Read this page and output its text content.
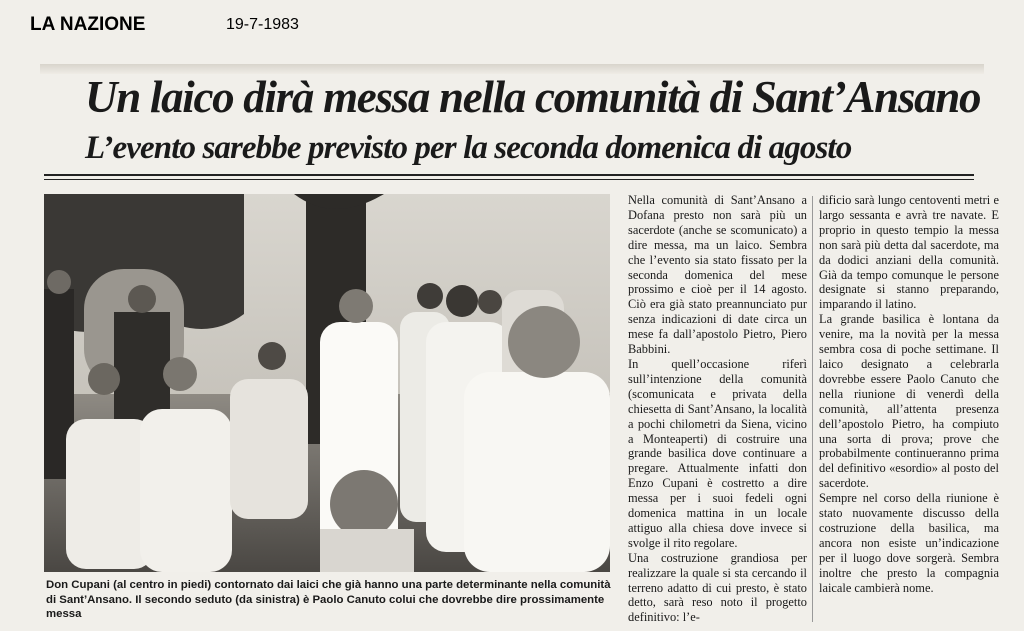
LA NAZIONE	19-7-1983
Un laico dirà messa nella comunità di Sant’Ansano
L’evento sarebbe previsto per la seconda domenica di agosto

Don Cupani (al centro in piedi) contornato dai laici che già hanno una parte determinante nella comunità di Sant’Ansano. Il secondo seduto (da sinistra) è Paolo Canuto colui che dovrebbe dire prossimamente messa

Nella comunità di Sant’Ansano a Dofana presto non sarà più un sacerdote (anche se scomunicato) a dire messa, ma un laico. Sembra che l’evento sia stato fissato per la seconda domenica del mese prossimo e cioè per il 14 agosto. Ciò era già stato preannunciato pur senza indicazioni di date circa un mese fa dall’apostolo Pietro, Piero Babbini.

In quell’occasione riferì sull’intenzione della comunità (scomunicata e privata della chiesetta di Sant’Ansano, la località a pochi chilometri da Siena, vicino a Monteaperti) di costruire una grande basilica dove continuare a pregare. Attualmente infatti don Enzo Cupani è costretto a dire messa per i suoi fedeli ogni domenica mattina in un locale attiguo alla chiesa dove invece si svolge il rito regolare.

Una costruzione grandiosa per realizzare la quale si sta cercando il terreno adatto di cui presto, è stato detto, sarà reso noto il progetto definitivo: l’e-

dificio sarà lungo centoventi metri e largo sessanta e avrà tre navate. E proprio in questo tempio la messa non sarà più detta dal sacerdote, ma da dodici anziani della comunità. Già da tempo comunque le persone designate si stanno preparando, imparando il latino.

La grande basilica è lontana da venire, ma la novità per la messa sembra cosa di poche settimane. Il laico designato a celebrarla dovrebbe essere Paolo Canuto che nella riunione di venerdì della comunità, all’attenta presenza dell’apostolo Pietro, ha compiuto una sorta di prova; prove che probabilmente continueranno prima del definitivo «esordio» al posto del sacerdote.

Sempre nel corso della riunione è stato nuovamente discusso della costruzione della basilica, ma ancora non esiste un’indicazione per il luogo dove sorgerà. Sembra inoltre che presto la compagnia laicale cambierà nome.
